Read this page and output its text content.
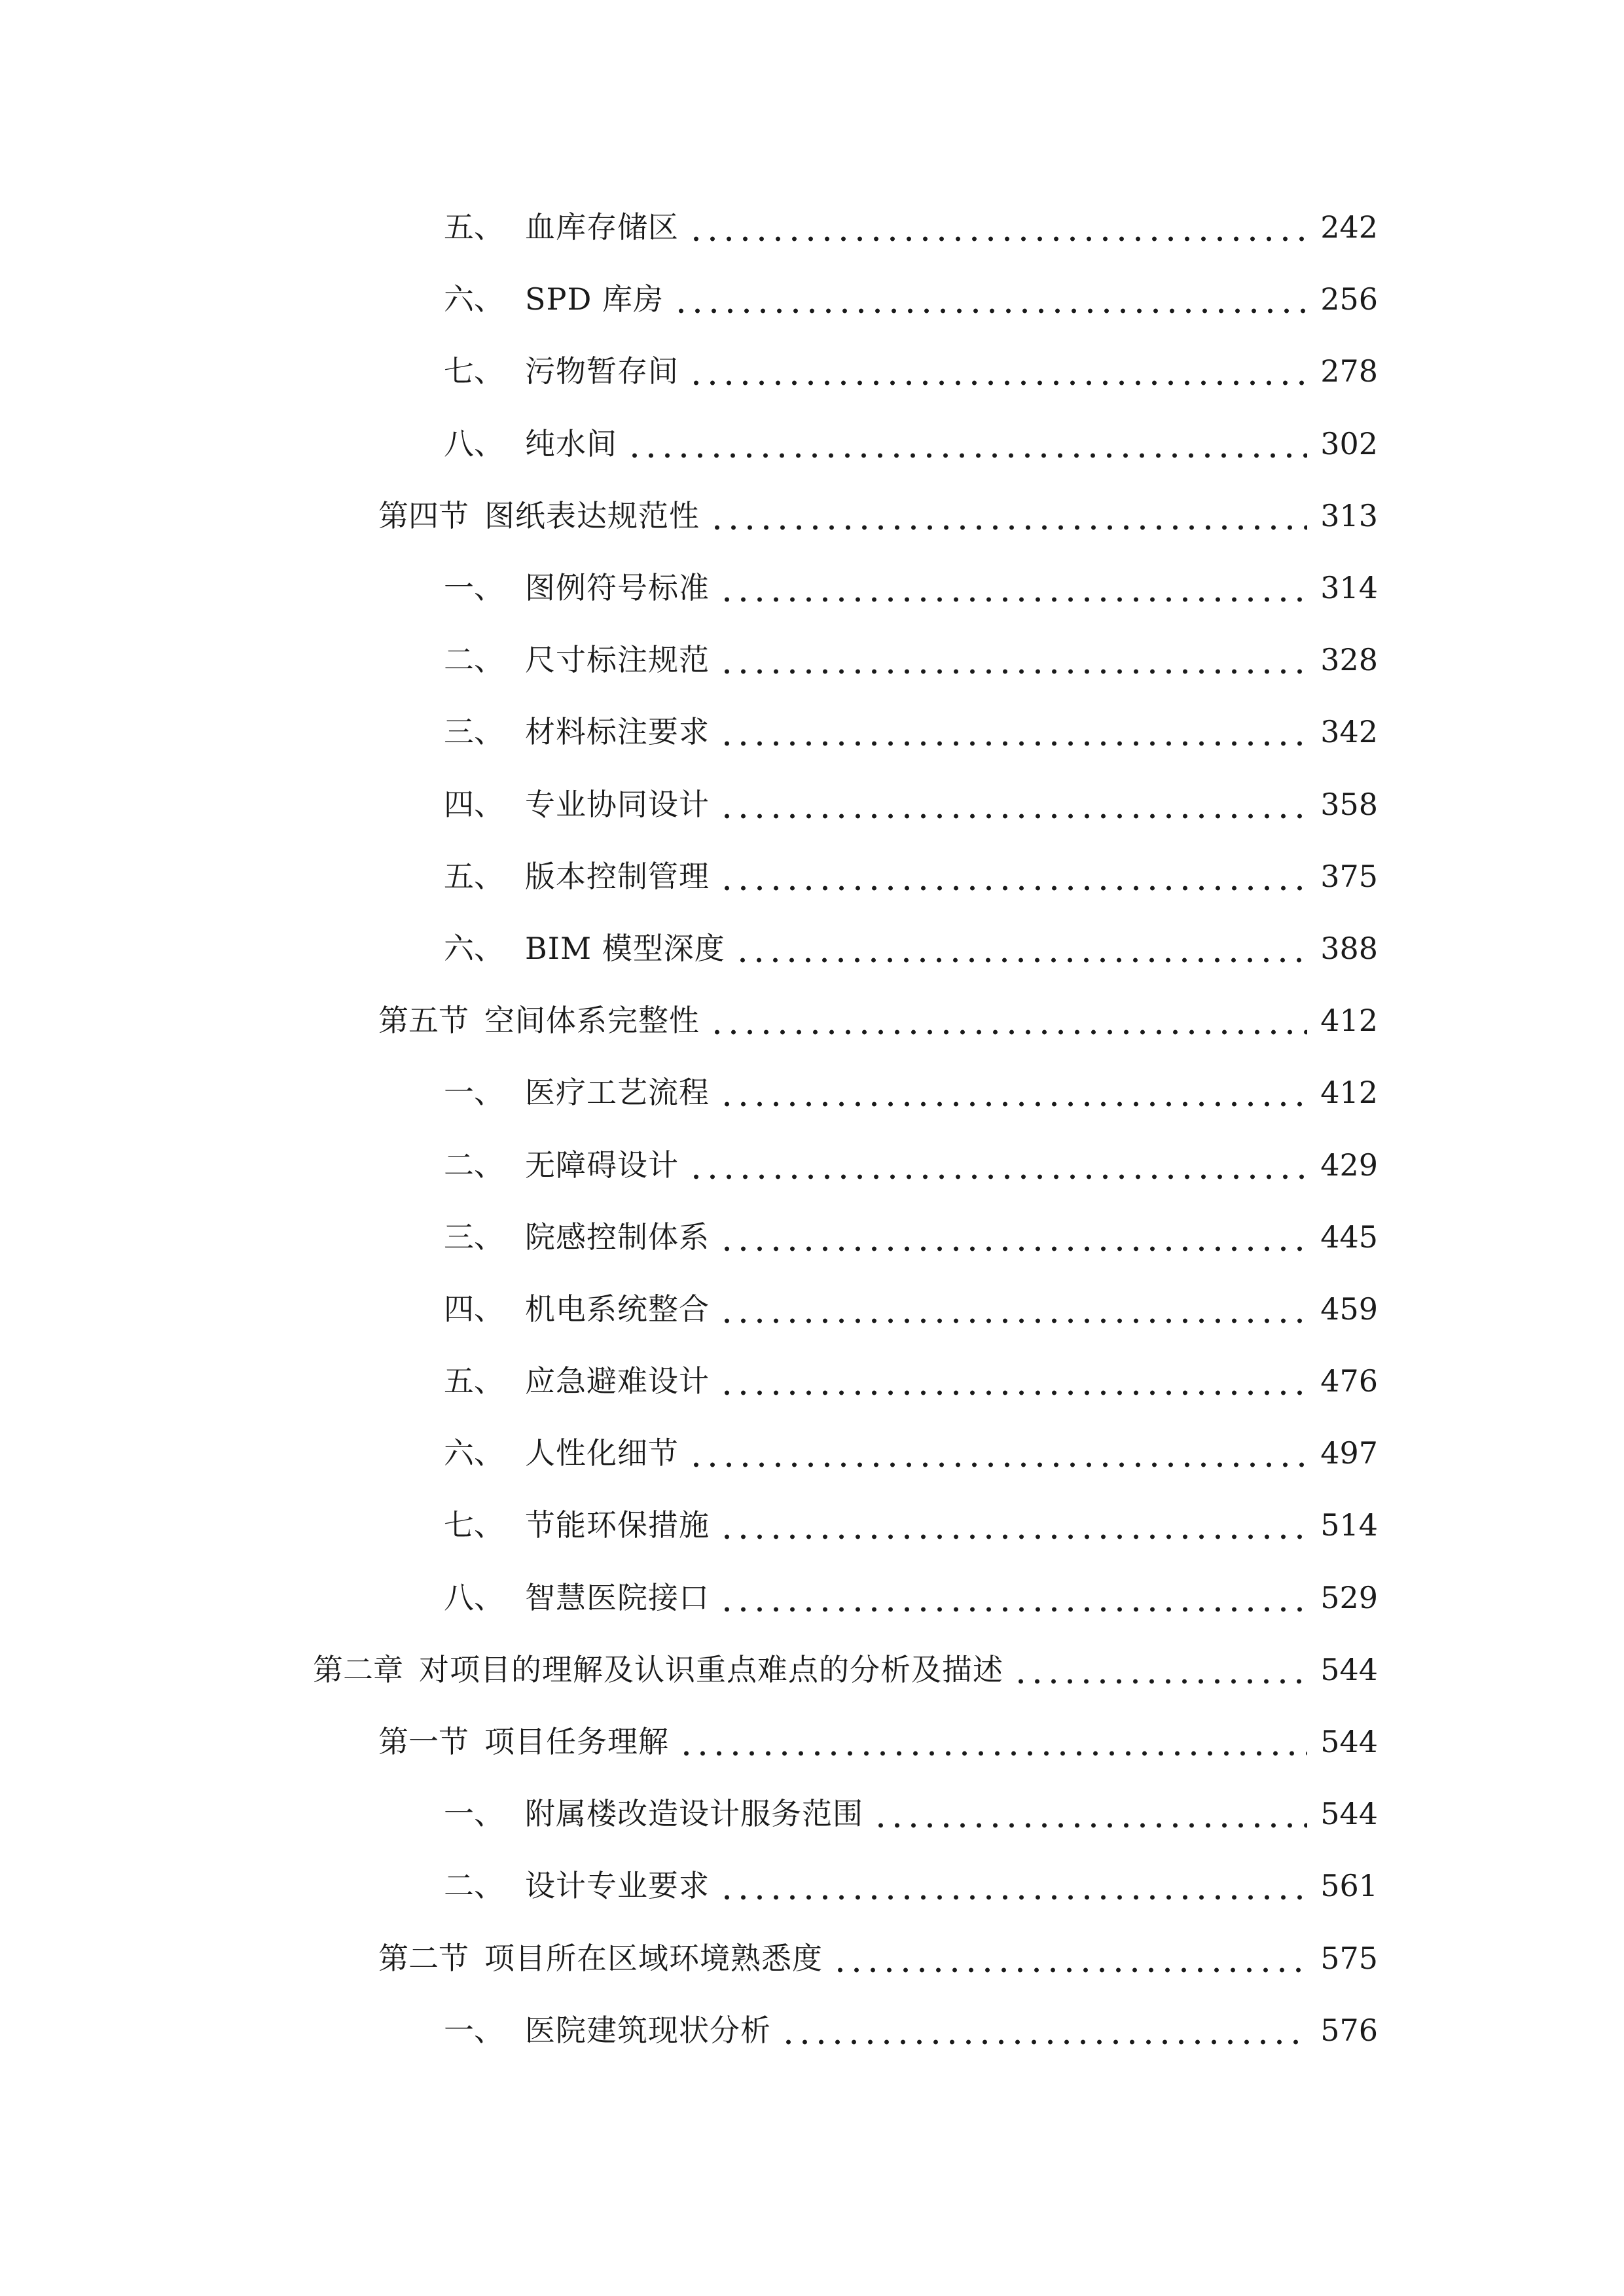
五、 血库存储区	242
六、 SPD 库房	256
七、 污物暂存间	278
八、 纯水间	302
第四节 图纸表达规范性	313
一、 图例符号标准	314
二、 尺寸标注规范	328
三、 材料标注要求	342
四、 专业协同设计	358
五、 版本控制管理	375
六、 BIM 模型深度	388
第五节 空间体系完整性	412
一、 医疗工艺流程	412
二、 无障碍设计	429
三、 院感控制体系	445
四、 机电系统整合	459
五、 应急避难设计	476
六、 人性化细节	497
七、 节能环保措施	514
八、 智慧医院接口	529
第二章 对项目的理解及认识重点难点的分析及描述	544
第一节 项目任务理解	544
一、 附属楼改造设计服务范围	544
二、 设计专业要求	561
第二节 项目所在区域环境熟悉度	575
一、 医院建筑现状分析	576
